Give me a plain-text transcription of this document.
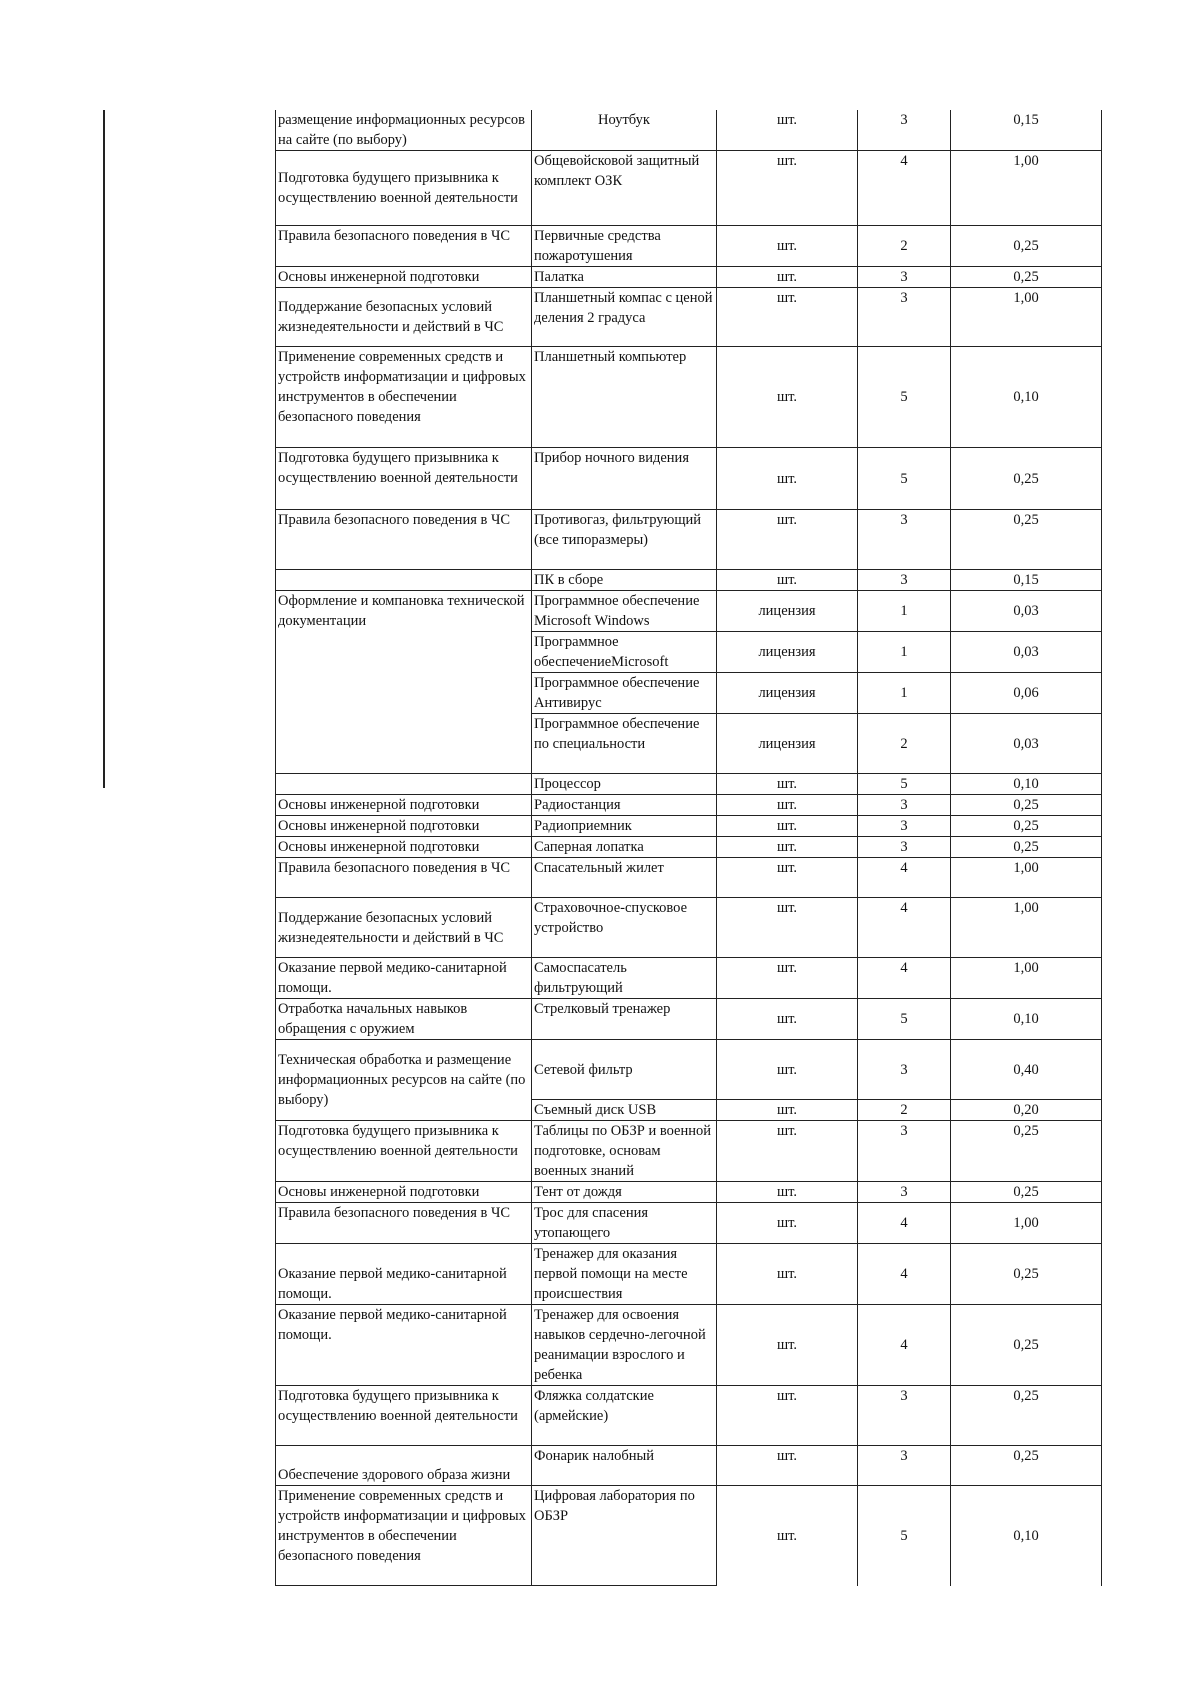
размещение информационных ресурсов на сайте (по выбору)	Ноутбук	шт.	3	0,15
Подготовка будущего призывника к осуществлению военной деятельности	Общевойсковой защитный комплект ОЗК	шт.	4	1,00
Правила безопасного поведения в ЧС	Первичные средства пожаротушения	шт.	2	0,25
Основы инженерной подготовки	Палатка	шт.	3	0,25
Поддержание безопасных условий жизнедеятельности и действий в ЧС	Планшетный компас с ценой деления 2 градуса	шт.	3	1,00
Применение современных средств и устройств информатизации и цифровых инструментов в обеспечении безопасного поведения	Планшетный компьютер	шт.	5	0,10
Подготовка будущего призывника к осуществлению военной деятельности	Прибор ночного видения	шт.	5	0,25
Правила безопасного поведения в ЧС	Противогаз, фильтрующий (все типоразмеры)	шт.	3	0,25
	ПК в сборе	шт.	3	0,15
Оформление и компановка технической документации	Программное обеспечение Microsoft Windows	лицензия	1	0,03
	Программное обеспечениеMicrosoft	лицензия	1	0,03
	Программное обеспечение Антивирус	лицензия	1	0,06
	Программное обеспечение по специальности	лицензия	2	0,03
	Процессор	шт.	5	0,10
Основы инженерной подготовки	Радиостанция	шт.	3	0,25
Основы инженерной подготовки	Радиоприемник	шт.	3	0,25
Основы инженерной подготовки	Саперная лопатка	шт.	3	0,25
Правила безопасного поведения в ЧС	Спасательный жилет	шт.	4	1,00
Поддержание безопасных условий жизнедеятельности и действий в ЧС	Страховочное-спусковое устройство	шт.	4	1,00
Оказание первой медико-санитарной помощи.	Самоспасатель фильтрующий	шт.	4	1,00
Отработка начальных навыков обращения с оружием	Стрелковый тренажер	шт.	5	0,10
Техническая обработка и размещение информационных ресурсов на сайте (по выбору)	Сетевой фильтр	шт.	3	0,40
	Съемный диск USB	шт.	2	0,20
Подготовка будущего призывника к осуществлению военной деятельности	Таблицы по ОБЗР и военной подготовке, основам военных знаний	шт.	3	0,25
Основы инженерной подготовки	Тент от дождя	шт.	3	0,25
Правила безопасного поведения в ЧС	Трос для спасения утопающего	шт.	4	1,00
Оказание первой медико-санитарной помощи.	Тренажер для оказания первой помощи на месте происшествия	шт.	4	0,25
Оказание первой медико-санитарной помощи.	Тренажер для освоения навыков сердечно-легочной реанимации взрослого и ребенка	шт.	4	0,25
Подготовка будущего призывника к осуществлению военной деятельности	Фляжка солдатские (армейские)	шт.	3	0,25
Обеспечение здорового образа жизни	Фонарик налобный	шт.	3	0,25
Применение современных средств и устройств информатизации и цифровых инструментов в обеспечении безопасного поведения	Цифровая лаборатория по ОБЗР	шт.	5	0,10
